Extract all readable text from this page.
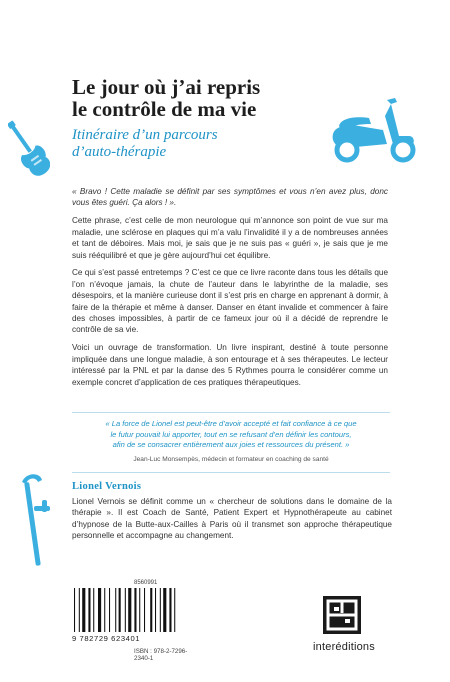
Le jour où j’ai repris
le contrôle de ma vie
Itinéraire d’un parcours
d’auto-thérapie

« Bravo ! Cette maladie se définit par ses symptômes et vous n’en avez plus, donc vous êtes guéri. Ça alors ! ».

Cette phrase, c’est celle de mon neurologue qui m’annonce son point de vue sur ma maladie, une sclérose en plaques qui m’a valu l’invalidité il y a de nombreuses années et tant de déboires. Mais moi, je sais que je ne suis pas « guéri », je sais que je me suis rééquilibré et que je gère aujourd’hui cet équilibre.

Ce qui s’est passé entretemps ? C’est ce que ce livre raconte dans tous les détails que l’on n’évoque jamais, la chute de l’auteur dans le labyrinthe de la maladie, ses désespoirs, et la manière curieuse dont il s’est pris en charge en apprenant à dormir, à faire de la thérapie et même à danser. Danser en étant invalide et commencer à faire des choses impossibles, à partir de ce fameux jour où il a décidé de reprendre le contrôle de sa vie.

Voici un ouvrage de transformation. Un livre inspirant, destiné à toute personne impliquée dans une longue maladie, à son entourage et à ses thérapeutes. Le lecteur intéressé par la PNL et par la danse des 5 Rythmes pourra le considérer comme un exemple concret d’application de ces pratiques thérapeutiques.

« La force de Lionel est peut-être d’avoir accepté et fait confiance à ce que
le futur pouvait lui apporter, tout en se refusant d’en définir les contours,
afin de se consacrer entièrement aux joies et ressources du présent. »
Jean-Luc Monsempès, médecin et formateur en coaching de santé
Lionel Vernois
Lionel Vernois se définit comme un « chercheur de solutions dans le domaine de la thérapie ». Il est Coach de Santé, Patient Expert et Hypnothérapeute au cabinet d’hypnose de la Butte-aux-Cailles à Paris où il transmet son approche thérapeutique personnelle et accompagne au changement.
8560991
9 782729 623401
ISBN : 978-2-7296-2340-1
interéditions
